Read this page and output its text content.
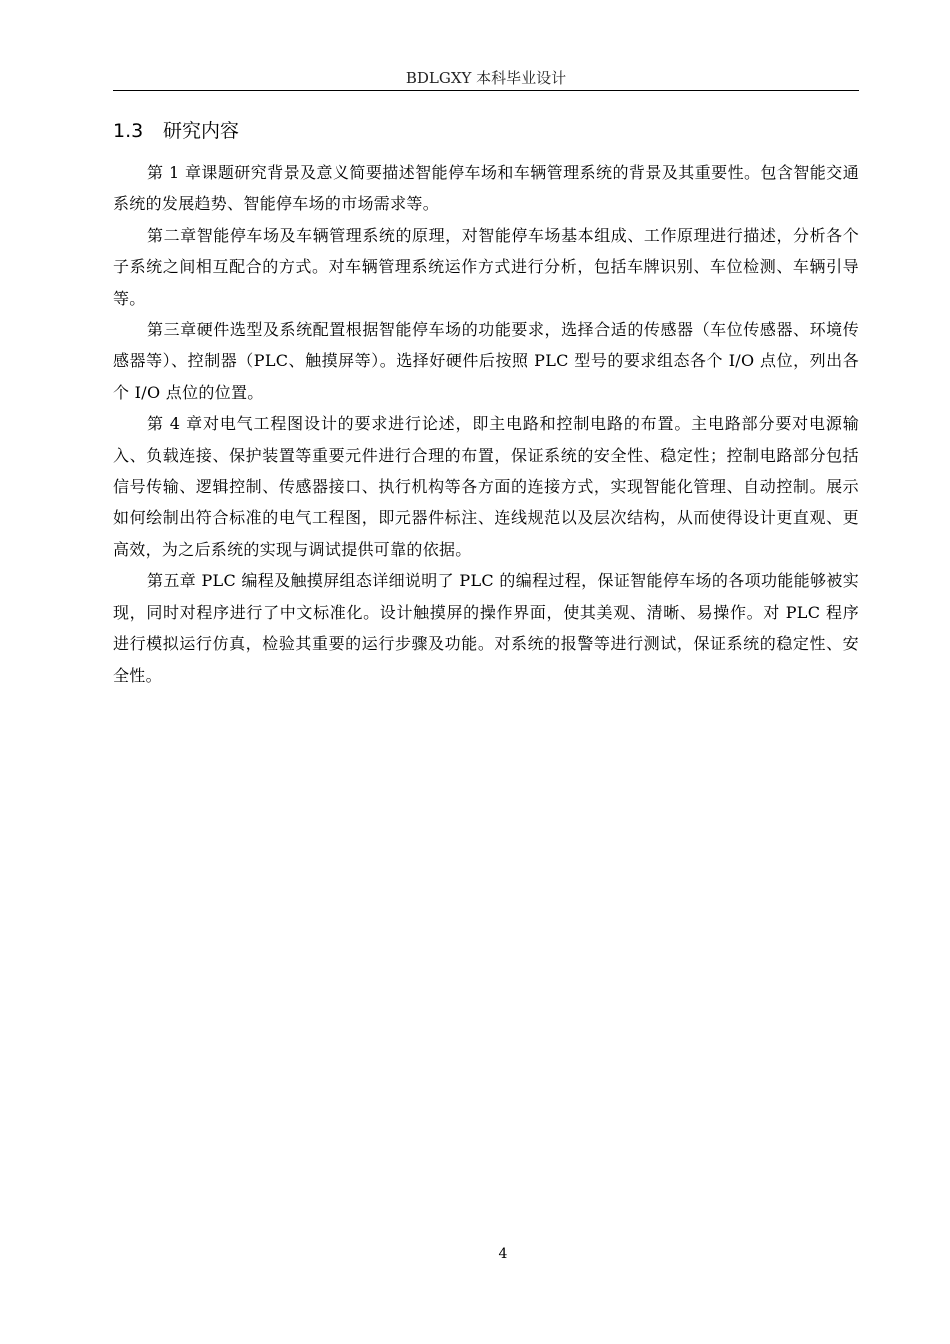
BDLGXY 本科毕业设计
1.3 研究内容

第 1 章课题研究背景及意义简要描述智能停车场和车辆管理系统的背景及其重要性。包含智能交通系统的发展趋势、智能停车场的市场需求等。

第二章智能停车场及车辆管理系统的原理，对智能停车场基本组成、工作原理进行描述，分析各个子系统之间相互配合的方式。对车辆管理系统运作方式进行分析，包括车牌识别、车位检测、车辆引导等。

第三章硬件选型及系统配置根据智能停车场的功能要求，选择合适的传感器（车位传感器、环境传感器等）、控制器（PLC、触摸屏等）。选择好硬件后按照 PLC 型号的要求组态各个 I/O 点位，列出各个 I/O 点位的位置。

第 4 章对电气工程图设计的要求进行论述，即主电路和控制电路的布置。主电路部分要对电源输入、负载连接、保护装置等重要元件进行合理的布置，保证系统的安全性、稳定性；控制电路部分包括信号传输、逻辑控制、传感器接口、执行机构等各方面的连接方式，实现智能化管理、自动控制。展示如何绘制出符合标准的电气工程图，即元器件标注、连线规范以及层次结构，从而使得设计更直观、更高效，为之后系统的实现与调试提供可靠的依据。

第五章 PLC 编程及触摸屏组态详细说明了 PLC 的编程过程，保证智能停车场的各项功能能够被实现，同时对程序进行了中文标准化。设计触摸屏的操作界面，使其美观、清晰、易操作。对 PLC 程序进行模拟运行仿真，检验其重要的运行步骤及功能。对系统的报警等进行测试，保证系统的稳定性、安全性。

4
